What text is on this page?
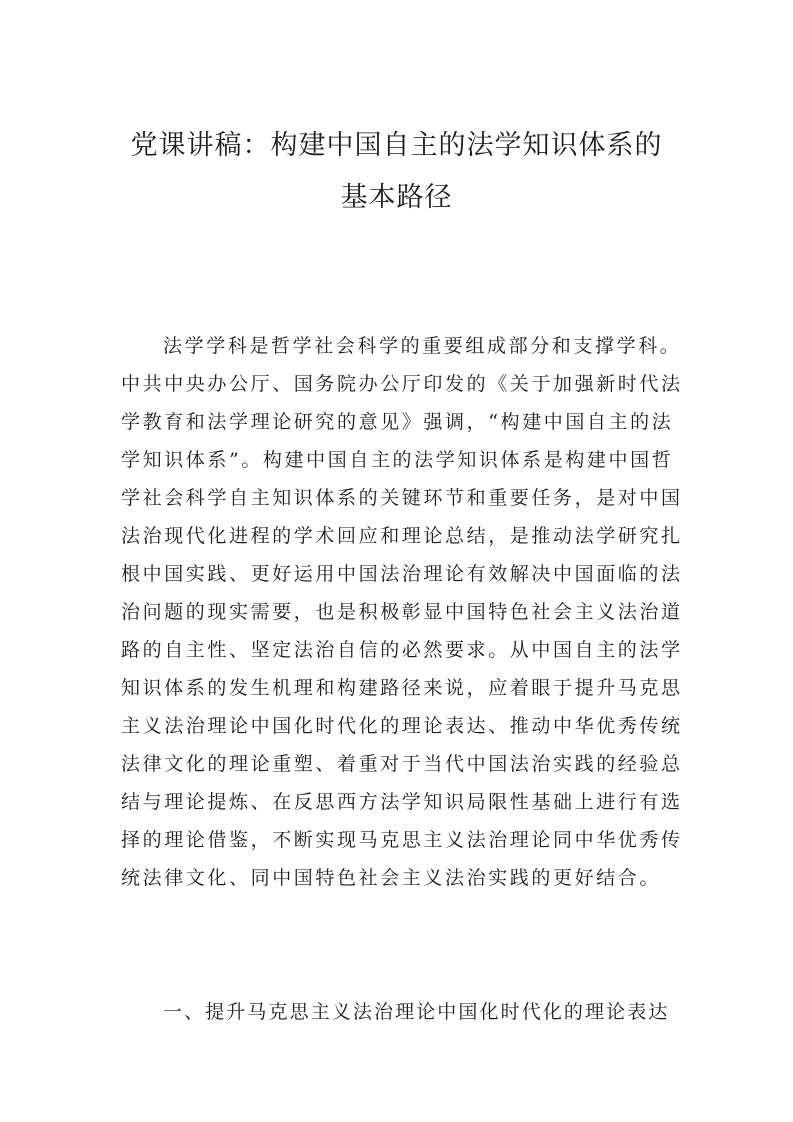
党课讲稿：构建中国自主的法学知识体系的
基本路径

法学学科是哲学社会科学的重要组成部分和支撑学科。

中共中央办公厅、国务院办公厅印发的《关于加强新时代法

学教育和法学理论研究的意见》强调，“构建中国自主的法

学知识体系”。构建中国自主的法学知识体系是构建中国哲

学社会科学自主知识体系的关键环节和重要任务，是对中国

法治现代化进程的学术回应和理论总结，是推动法学研究扎

根中国实践、更好运用中国法治理论有效解决中国面临的法

治问题的现实需要，也是积极彰显中国特色社会主义法治道

路的自主性、坚定法治自信的必然要求。从中国自主的法学

知识体系的发生机理和构建路径来说，应着眼于提升马克思

主义法治理论中国化时代化的理论表达、推动中华优秀传统

法律文化的理论重塑、着重对于当代中国法治实践的经验总

结与理论提炼、在反思西方法学知识局限性基础上进行有选

择的理论借鉴，不断实现马克思主义法治理论同中华优秀传

统法律文化、同中国特色社会主义法治实践的更好结合。

一、提升马克思主义法治理论中国化时代化的理论表达
